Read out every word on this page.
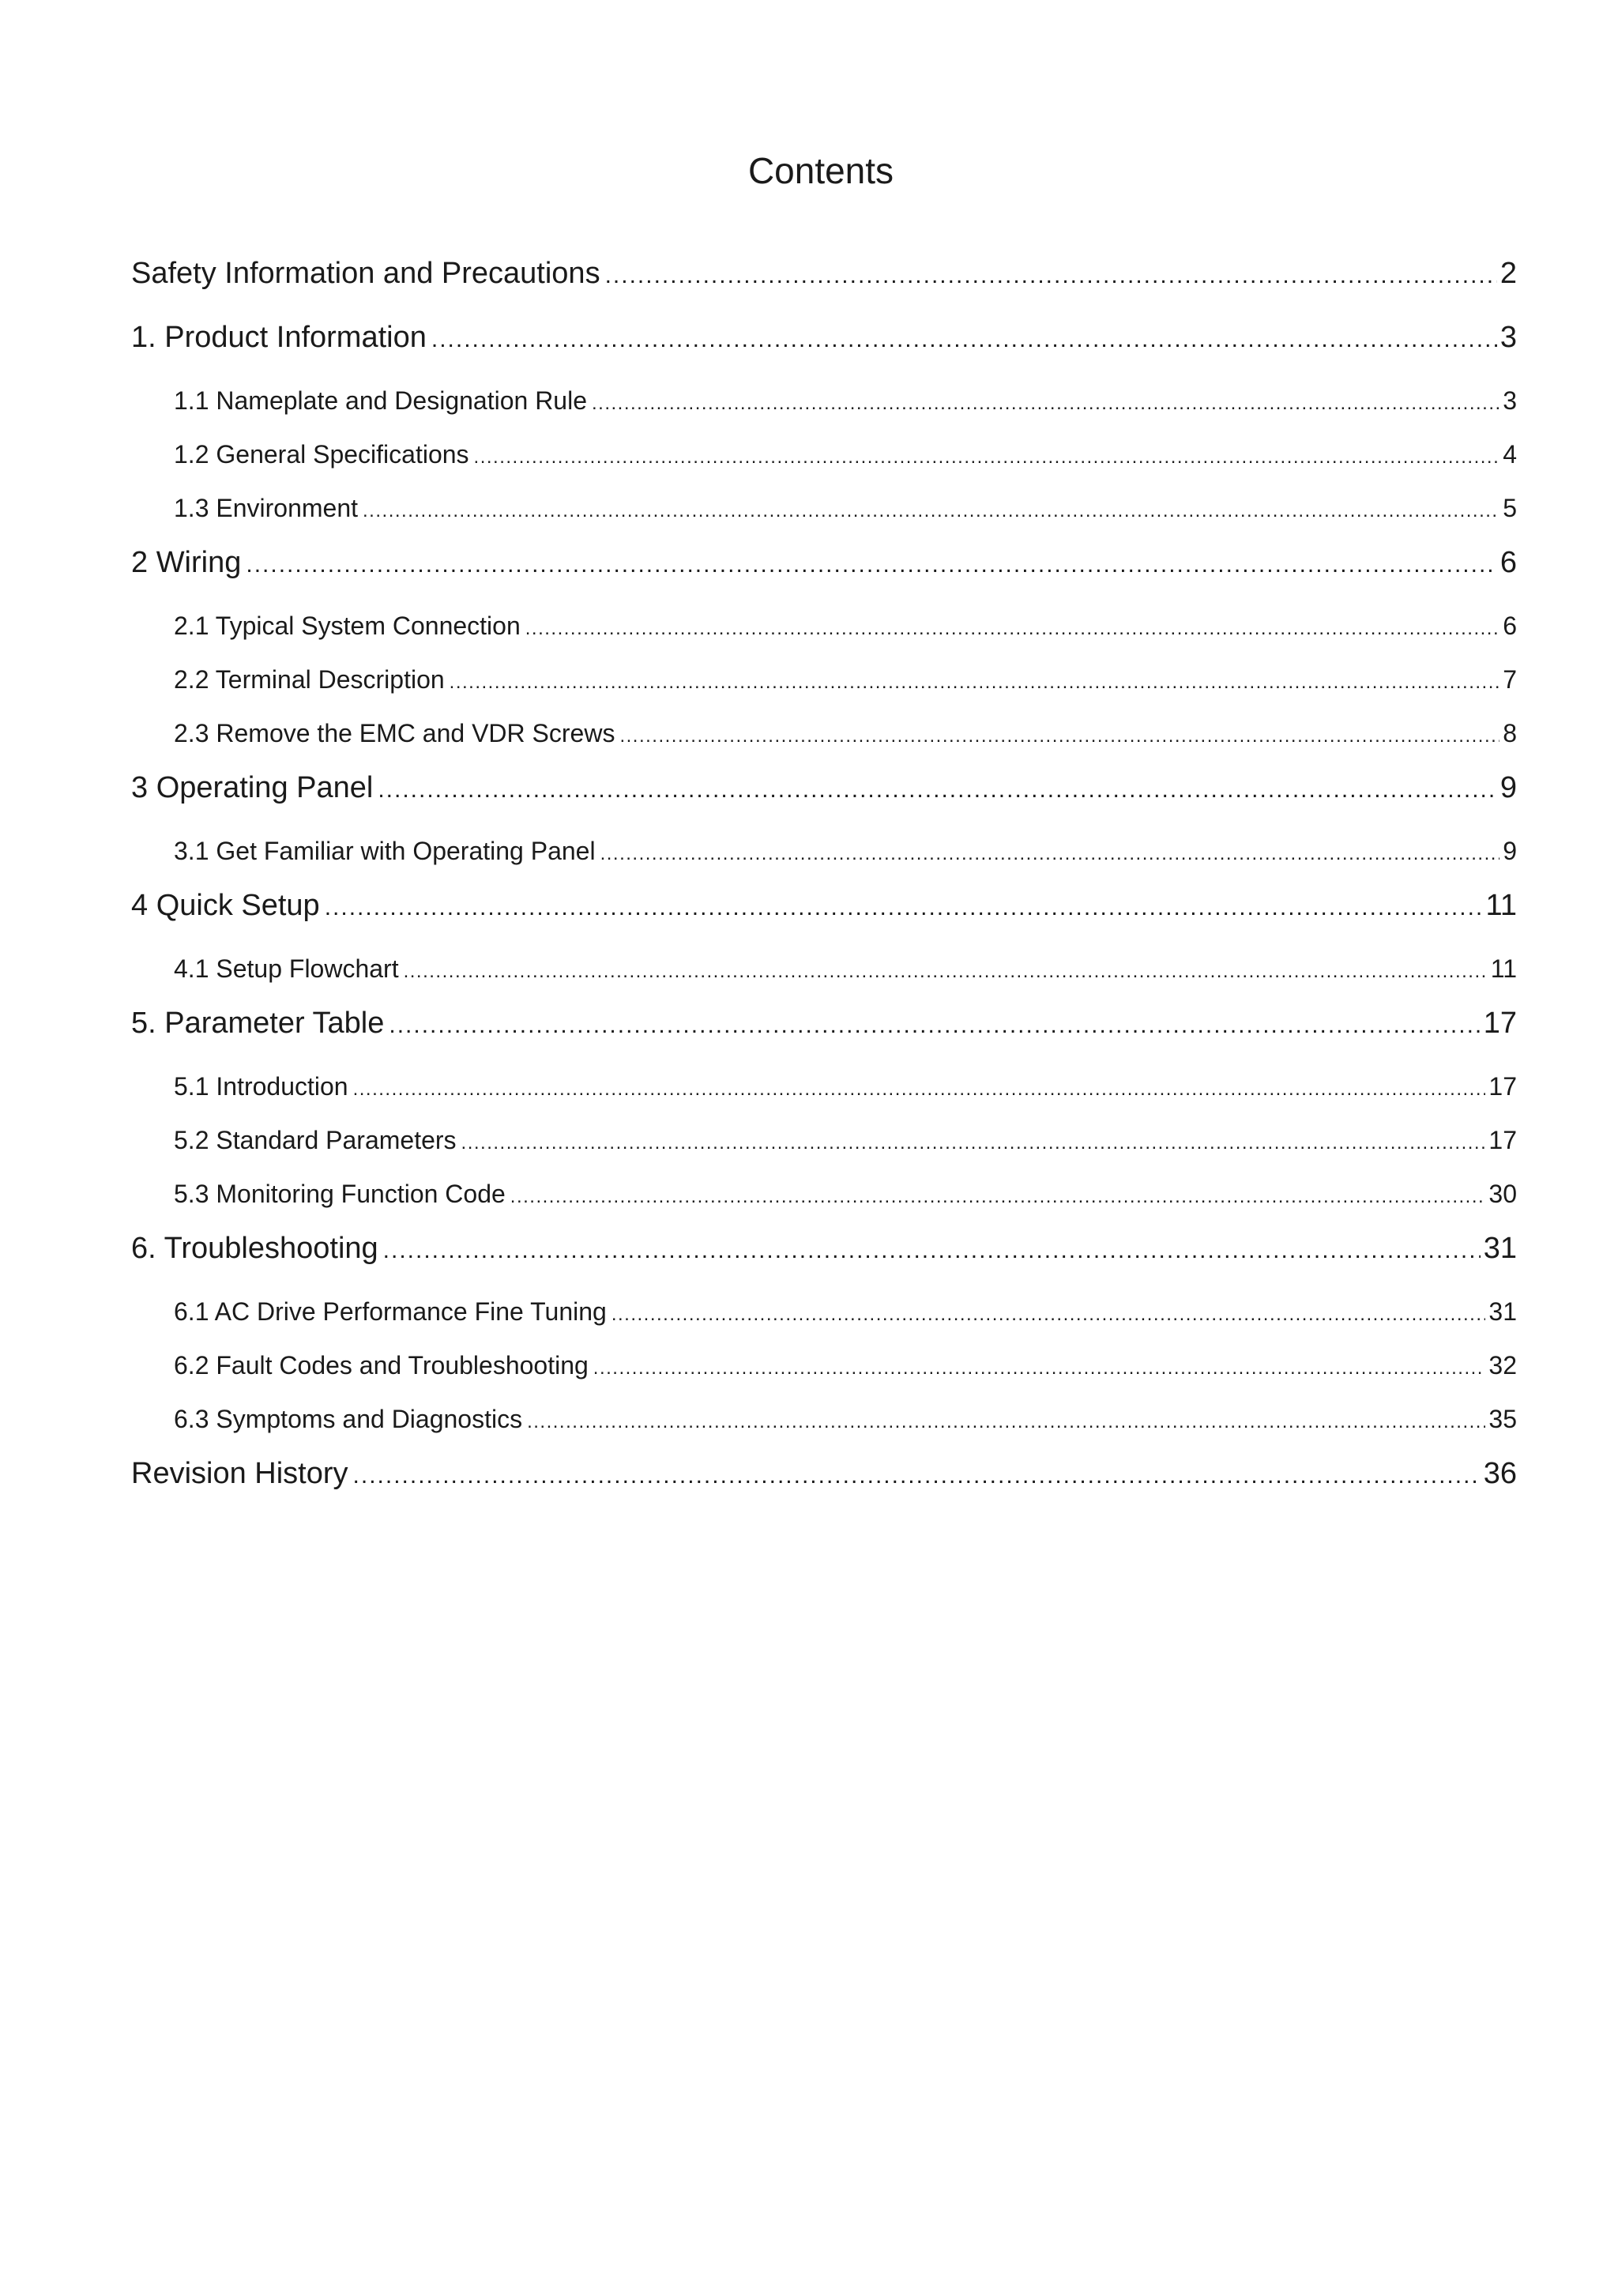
Contents
Safety Information and Precautions .....	2
1. Product Information .....	3
1.1 Nameplate and Designation Rule .....	3
1.2 General Specifications .....	4
1.3 Environment .....	5
2 Wiring .....	6
2.1 Typical System Connection .....	6
2.2 Terminal Description .....	7
2.3 Remove the EMC and VDR Screws .....	8
3 Operating Panel .....	9
3.1 Get Familiar with Operating Panel .....	9
4 Quick Setup .....	11
4.1 Setup Flowchart .....	11
5. Parameter Table .....	17
5.1 Introduction .....	17
5.2 Standard Parameters .....	17
5.3 Monitoring Function Code .....	30
6. Troubleshooting .....	31
6.1 AC Drive Performance Fine Tuning .....	31
6.2 Fault Codes and Troubleshooting .....	32
6.3 Symptoms and Diagnostics .....	35
Revision History .....	36
